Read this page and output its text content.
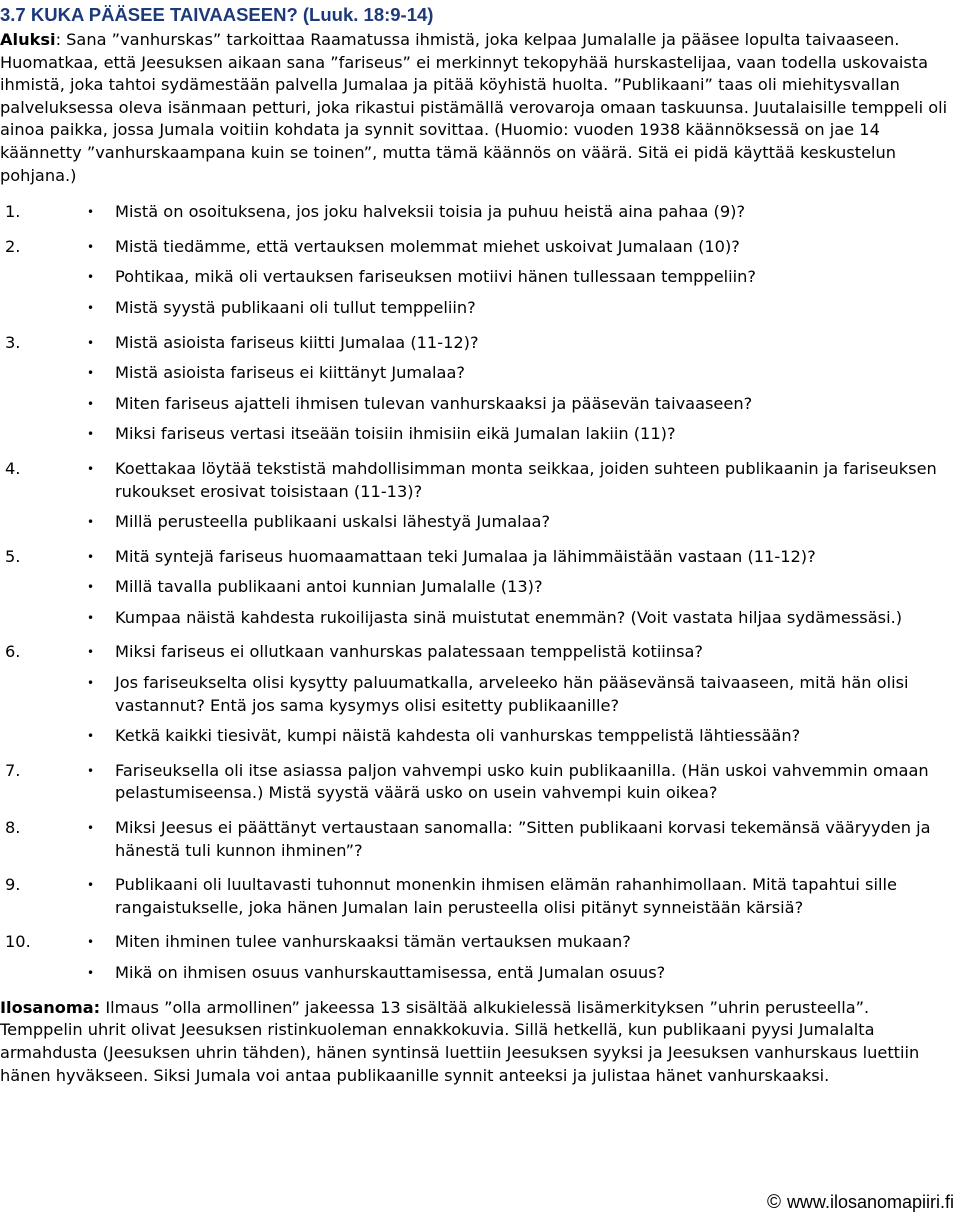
3.7 KUKA PÄÄSEE TAIVAASEEN? (Luuk. 18:9-14)
Aluksi: Sana ”vanhurskas” tarkoittaa Raamatussa ihmistä, joka kelpaa Jumalalle ja pääsee lopulta taivaaseen. Huomatkaa, että Jeesuksen aikaan sana ”fariseus” ei merkinnyt tekopyhää hurskastelijaa, vaan todella uskovaista ihmistä, joka tahtoi sydämestään palvella Jumalaa ja pitää köyhistä huolta. ”Publikaani” taas oli miehitysvallan palveluksessa oleva isänmaan petturi, joka rikastui pistämällä verovaroja omaan taskuunsa. Juutalaisille temppeli oli ainoa paikka, jossa Jumala voitiin kohdata ja synnit sovittaa. (Huomio: vuoden 1938 käännöksessä on jae 14 käännetty ”vanhurskaampana kuin se toinen”, mutta tämä käännös on väärä. Sitä ei pidä käyttää keskustelun pohjana.)
1.	•	Mistä on osoituksena, jos joku halveksii toisia ja puhuu heistä aina pahaa (9)?
2.	•	Mistä tiedämme, että vertauksen molemmat miehet uskoivat Jumalaan (10)?
•	Pohtikaa, mikä oli vertauksen fariseuksen motiivi hänen tullessaan temppeliin?
•	Mistä syystä publikaani oli tullut temppeliin?
3.	•	Mistä asioista fariseus kiitti Jumalaa (11-12)?
•	Mistä asioista fariseus ei kiittänyt Jumalaa?
•	Miten fariseus ajatteli ihmisen tulevan vanhurskaaksi ja pääsevän taivaaseen?
•	Miksi fariseus vertasi itseään toisiin ihmisiin eikä Jumalan lakiin (11)?
4.	•	Koettakaa löytää tekstistä mahdollisimman monta seikkaa, joiden suhteen publikaanin ja fariseuksen rukoukset erosivat toisistaan (11-13)?
•	Millä perusteella publikaani uskalsi lähestyä Jumalaa?
5.	•	Mitä syntejä fariseus huomaamattaan teki Jumalaa ja lähimmäistään vastaan (11-12)?
•	Millä tavalla publikaani antoi kunnian Jumalalle (13)?
•	Kumpaa näistä kahdesta rukoilijasta sinä muistutat enemmän? (Voit vastata hiljaa sydämessäsi.)
6.	•	Miksi fariseus ei ollutkaan vanhurskas palatessaan temppelistä kotiinsa?
•	Jos fariseukselta olisi kysytty paluumatkalla, arveleeko hän pääsevänsä taivaaseen, mitä hän olisi vastannut? Entä jos sama kysymys olisi esitetty publikaanille?
•	Ketkä kaikki tiesivät, kumpi näistä kahdesta oli vanhurskas temppelistä lähtiessään?
7.	•	Fariseuksella oli itse asiassa paljon vahvempi usko kuin publikaanilla. (Hän uskoi vahvemmin omaan pelastumiseensa.) Mistä syystä väärä usko on usein vahvempi kuin oikea?
8.	•	Miksi Jeesus ei päättänyt vertaustaan sanomalla: ”Sitten publikaani korvasi tekemänsä vääryyden ja hänestä tuli kunnon ihminen”?
9.	•	Publikaani oli luultavasti tuhonnut monenkin ihmisen elämän rahanhimollaan. Mitä tapahtui sille rangaistukselle, joka hänen Jumalan lain perusteella olisi pitänyt synneistään kärsiä?
10.	•	Miten ihminen tulee vanhurskaaksi tämän vertauksen mukaan?
•	Mikä on ihmisen osuus vanhurskauttamisessa, entä Jumalan osuus?
Ilosanoma: Ilmaus ”olla armollinen” jakeessa 13 sisältää alkukielessä lisämerkityksen ”uhrin perusteella”. Temppelin uhrit olivat Jeesuksen ristinkuoleman ennakkokuvia. Sillä hetkellä, kun publikaani pyysi Jumalalta armahdusta (Jeesuksen uhrin tähden), hänen syntinsä luettiin Jeesuksen syyksi ja Jeesuksen vanhurskaus luettiin hänen hyväkseen. Siksi Jumala voi antaa publikaanille synnit anteeksi ja julistaa hänet vanhurskaaksi.
© www.ilosanomapiiri.fi
